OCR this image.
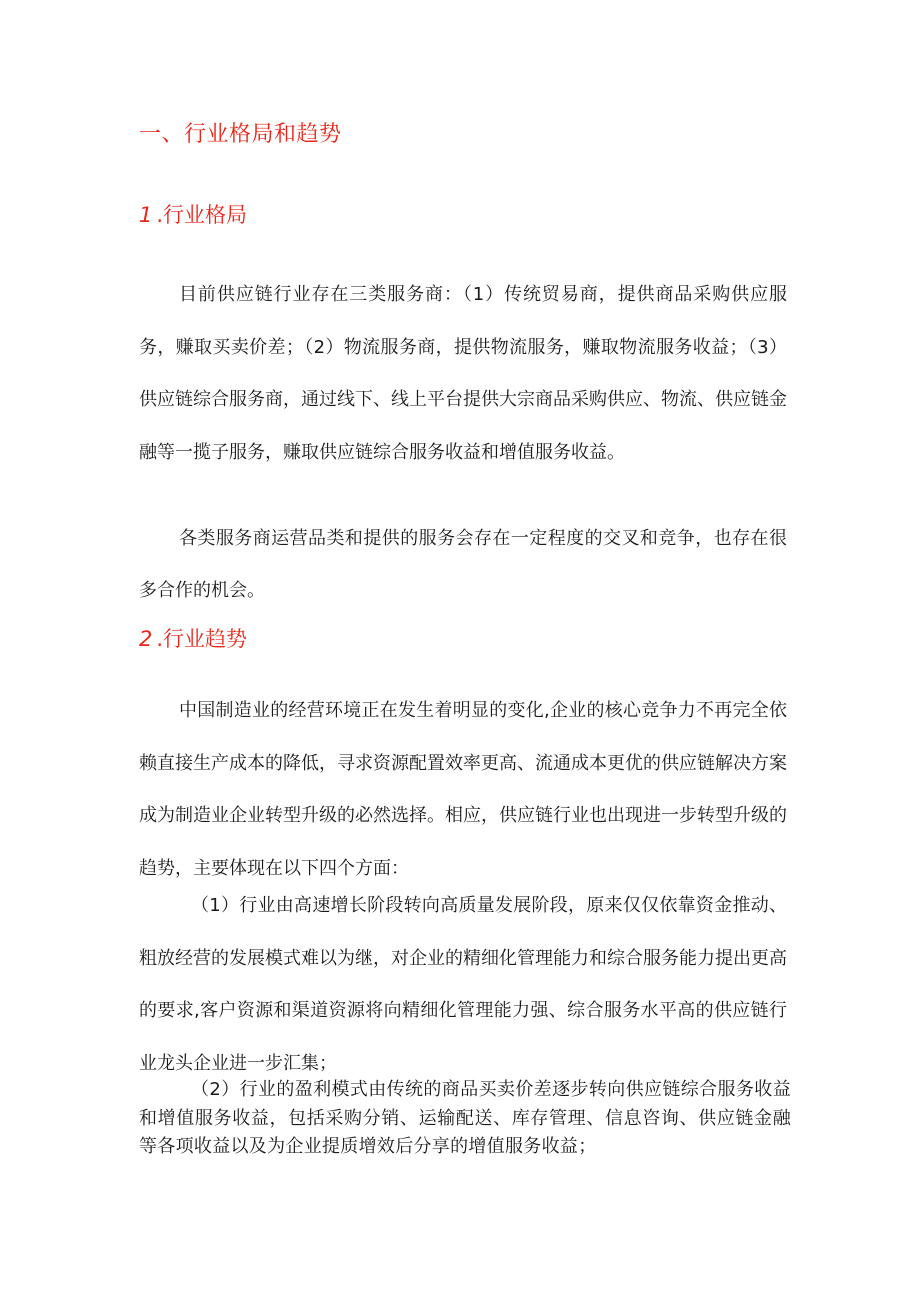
一、行业格局和趋势
1 .行业格局

目前供应链行业存在三类服务商：（1）传统贸易商，提供商品采购供应服务，赚取买卖价差；（2）物流服务商，提供物流服务，赚取物流服务收益；（3）供应链综合服务商，通过线下、线上平台提供大宗商品采购供应、物流、供应链金融等一揽子服务，赚取供应链综合服务收益和增值服务收益。

各类服务商运营品类和提供的服务会存在一定程度的交叉和竞争，也存在很多合作的机会。

2 .行业趋势

中国制造业的经营环境正在发生着明显的变化,企业的核心竞争力不再完全依赖直接生产成本的降低，寻求资源配置效率更高、流通成本更优的供应链解决方案成为制造业企业转型升级的必然选择。相应，供应链行业也出现进一步转型升级的趋势，主要体现在以下四个方面：

（1）行业由高速增长阶段转向高质量发展阶段，原来仅仅依靠资金推动、粗放经营的发展模式难以为继，对企业的精细化管理能力和综合服务能力提出更高的要求,客户资源和渠道资源将向精细化管理能力强、综合服务水平高的供应链行业龙头企业进一步汇集；

（2）行业的盈利模式由传统的商品买卖价差逐步转向供应链综合服务收益和增值服务收益，包括采购分销、运输配送、库存管理、信息咨询、供应链金融等各项收益以及为企业提质增效后分享的增值服务收益；
